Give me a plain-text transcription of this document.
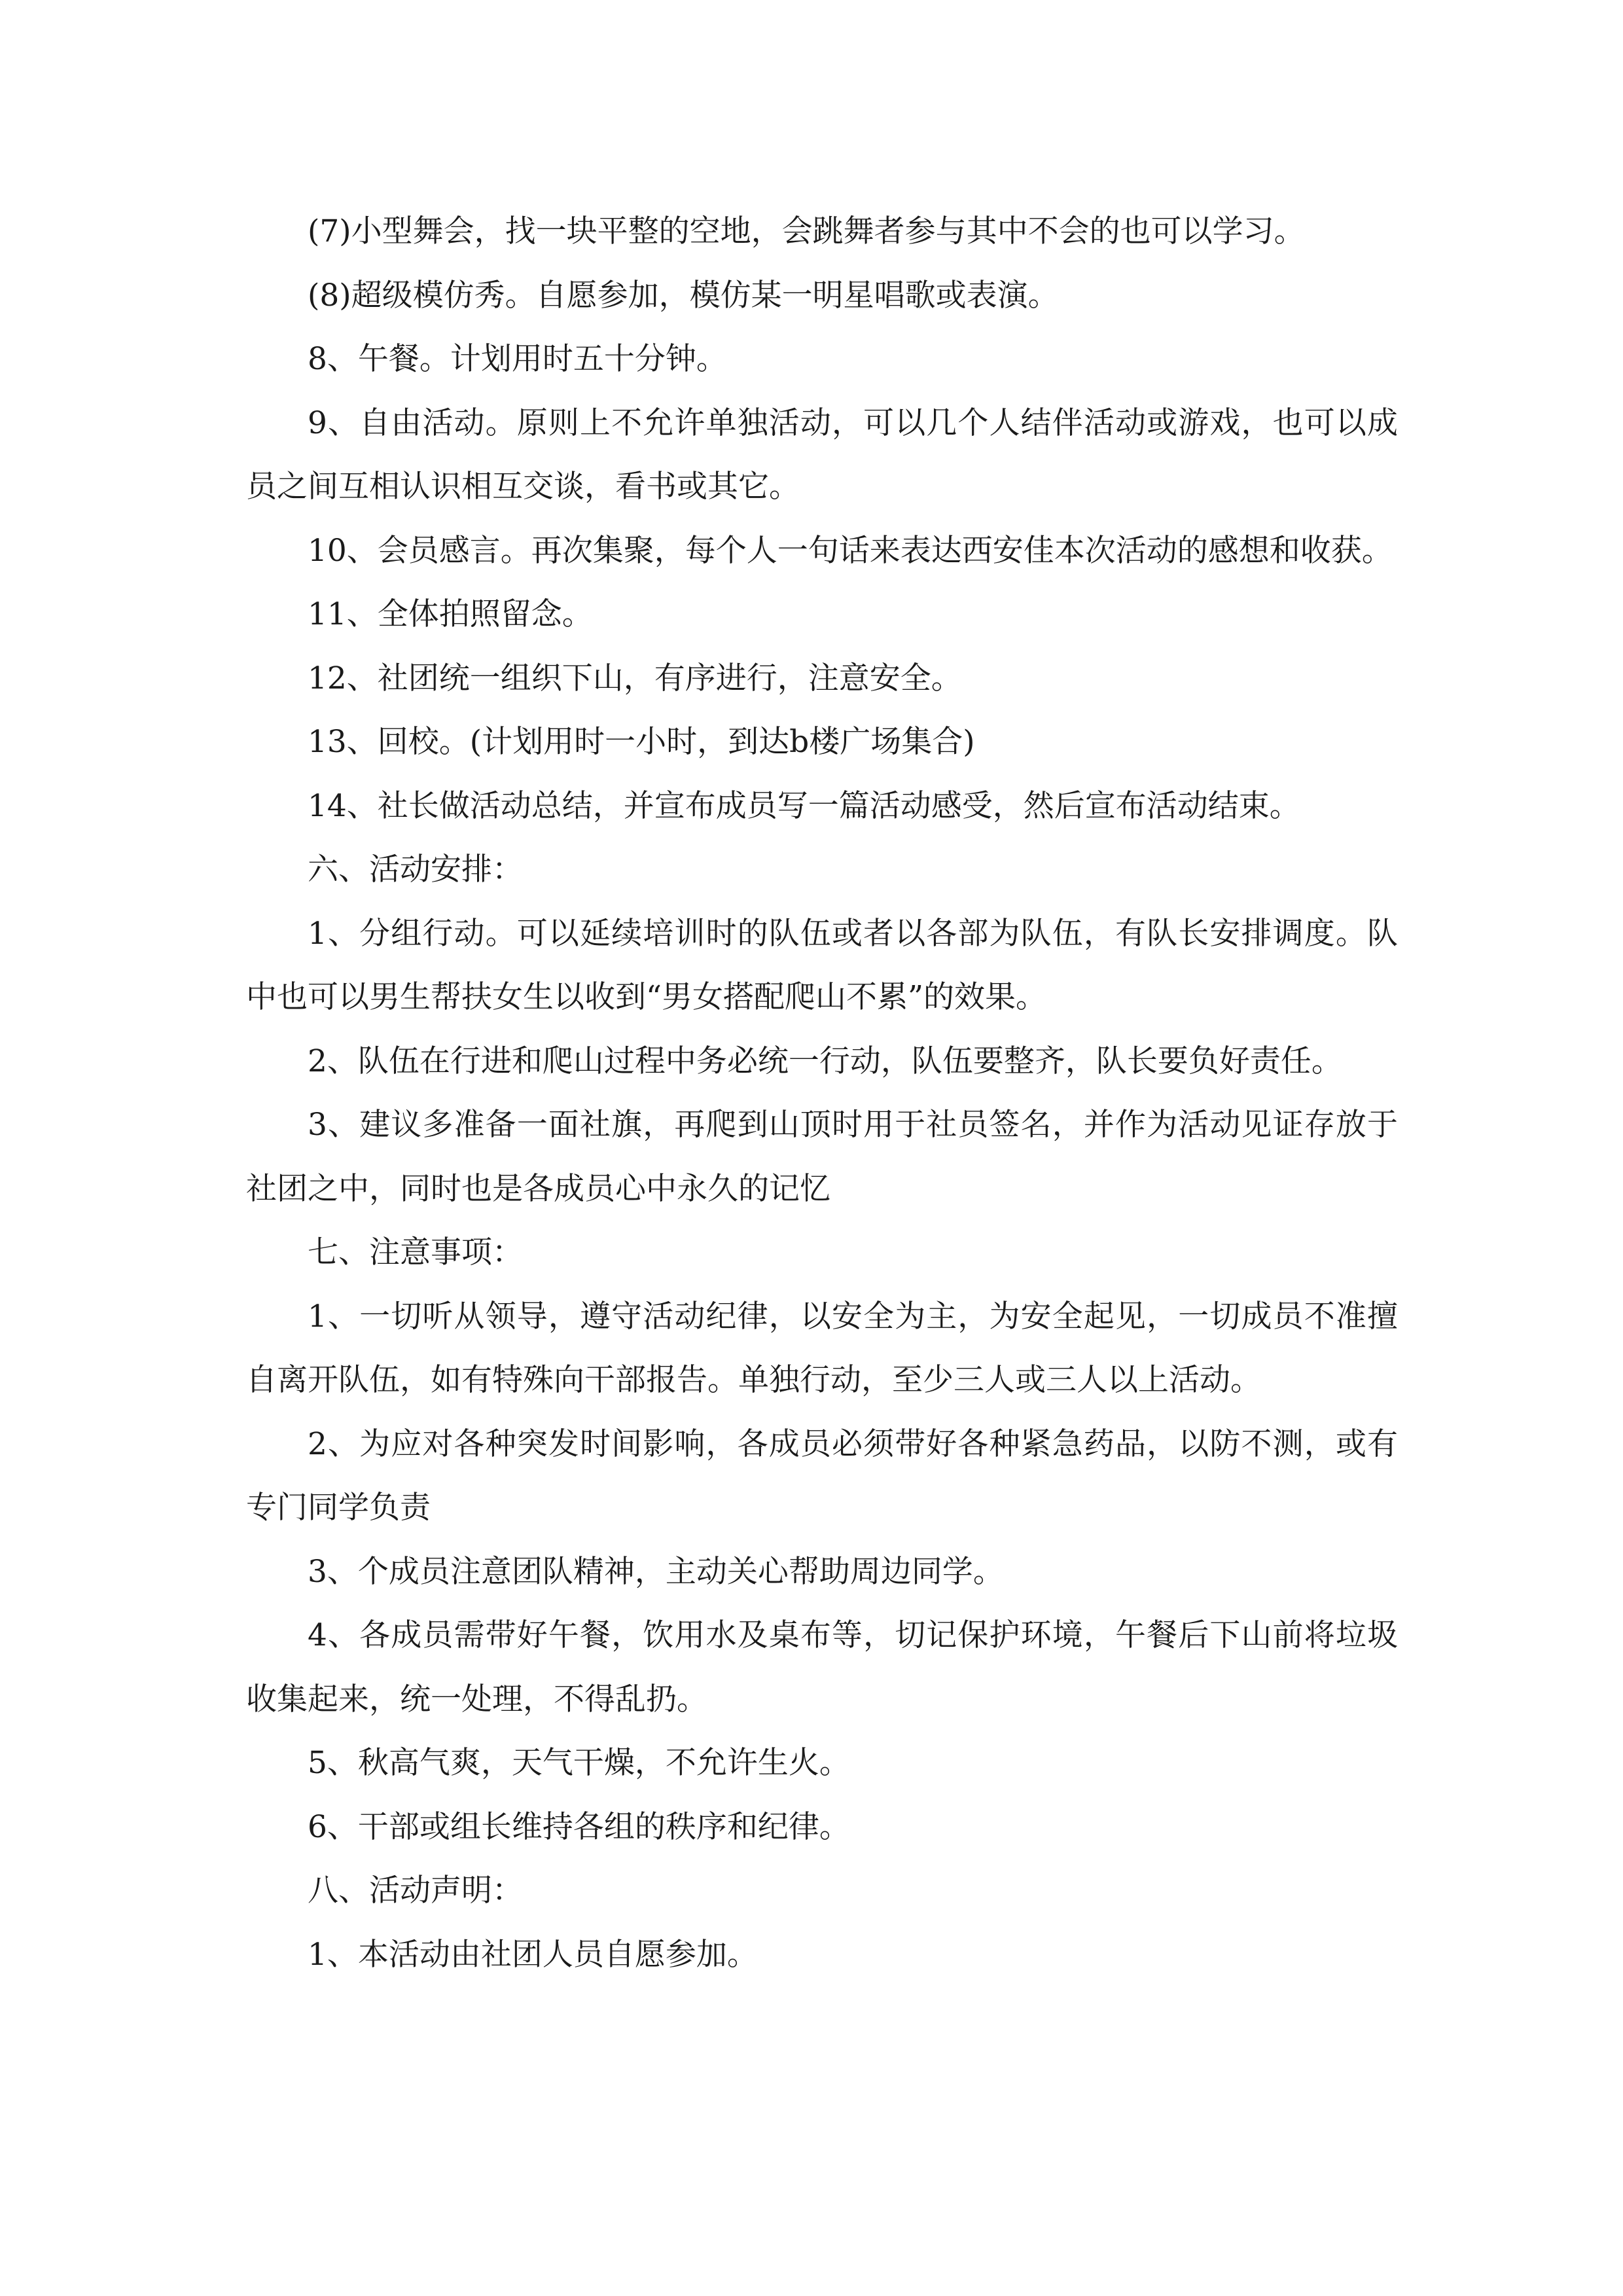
(7)小型舞会，找一块平整的空地，会跳舞者参与其中不会的也可以学习。

(8)超级模仿秀。自愿参加，模仿某一明星唱歌或表演。

8、午餐。计划用时五十分钟。

9、自由活动。原则上不允许单独活动，可以几个人结伴活动或游戏，也可以成员之间互相认识相互交谈，看书或其它。

10、会员感言。再次集聚，每个人一句话来表达西安佳本次活动的感想和收获。

11、全体拍照留念。

12、社团统一组织下山，有序进行，注意安全。

13、回校。(计划用时一小时，到达b楼广场集合)

14、社长做活动总结，并宣布成员写一篇活动感受，然后宣布活动结束。

六、活动安排：

1、分组行动。可以延续培训时的队伍或者以各部为队伍，有队长安排调度。队中也可以男生帮扶女生以收到“男女搭配爬山不累”的效果。

2、队伍在行进和爬山过程中务必统一行动，队伍要整齐，队长要负好责任。

3、建议多准备一面社旗，再爬到山顶时用于社员签名，并作为活动见证存放于社团之中，同时也是各成员心中永久的记忆

七、注意事项：

1、一切听从领导，遵守活动纪律，以安全为主，为安全起见，一切成员不准擅自离开队伍，如有特殊向干部报告。单独行动，至少三人或三人以上活动。

2、为应对各种突发时间影响，各成员必须带好各种紧急药品，以防不测，或有专门同学负责

3、个成员注意团队精神，主动关心帮助周边同学。

4、各成员需带好午餐，饮用水及桌布等，切记保护环境，午餐后下山前将垃圾收集起来，统一处理，不得乱扔。

5、秋高气爽，天气干燥，不允许生火。

6、干部或组长维持各组的秩序和纪律。

八、活动声明：

1、本活动由社团人员自愿参加。
